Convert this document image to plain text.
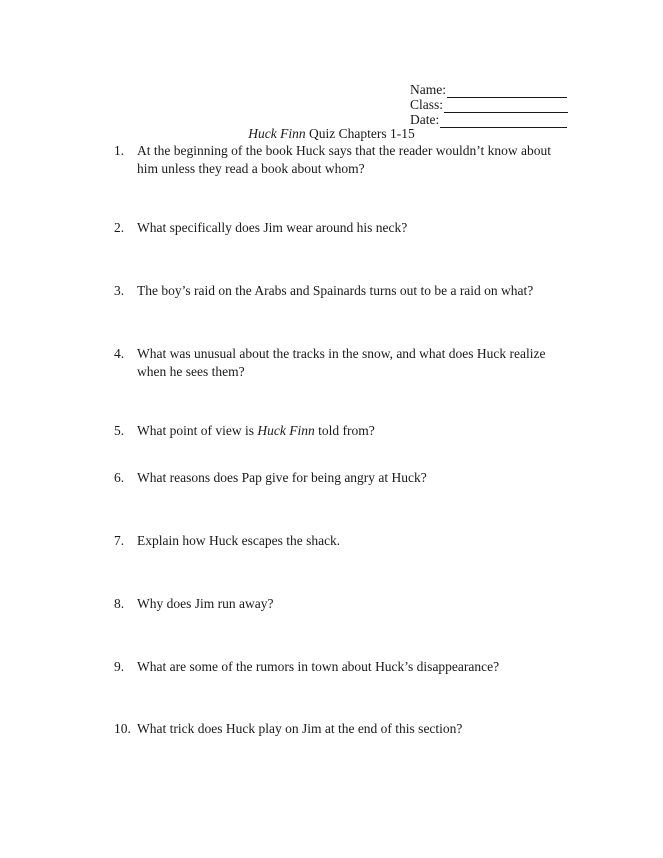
Name:
Class:
Date:
Huck Finn Quiz Chapters 1-15
1. At the beginning of the book Huck says that the reader wouldn’t know about him unless they read a book about whom?
2. What specifically does Jim wear around his neck?
3. The boy’s raid on the Arabs and Spainards turns out to be a raid on what?
4. What was unusual about the tracks in the snow, and what does Huck realize when he sees them?
5. What point of view is Huck Finn told from?
6. What reasons does Pap give for being angry at Huck?
7. Explain how Huck escapes the shack.
8. Why does Jim run away?
9. What are some of the rumors in town about Huck’s disappearance?
10. What trick does Huck play on Jim at the end of this section?
